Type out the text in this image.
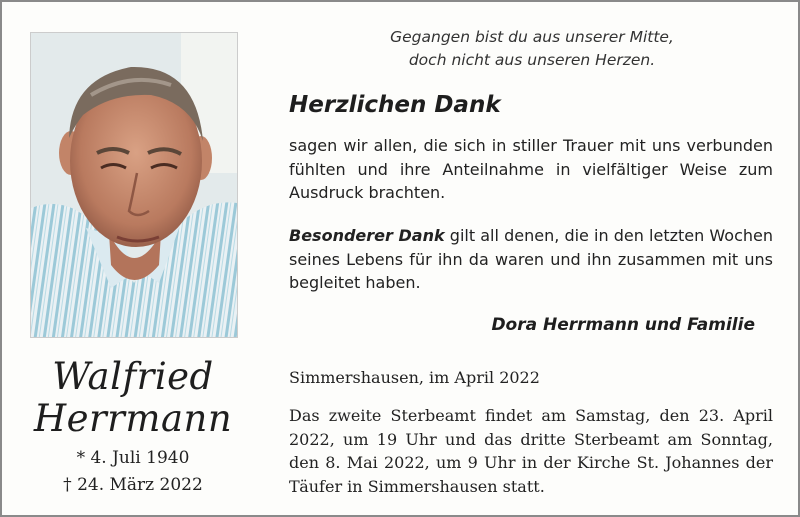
Walfried
Herrmann
* 4. Juli 1940
† 24. März 2022
Gegangen bist du aus unserer Mitte,
doch nicht aus unseren Herzen.
Herzlichen Dank

sagen wir allen, die sich in stiller Trauer mit uns verbunden fühlten und ihre Anteilnahme in vielfältiger Weise zum Ausdruck brachten.

Besonderer Dank gilt all denen, die in den letzten Wochen seines Lebens für ihn da waren und ihn zusammen mit uns begleitet haben.

Dora Herrmann und Familie
Simmershausen, im April 2022

Das zweite Sterbeamt findet am Samstag, den 23. April 2022, um 19 Uhr und das dritte Sterbeamt am Sonntag, den 8. Mai 2022, um 9 Uhr in der Kirche St. Johannes der Täufer in Simmershausen statt.
